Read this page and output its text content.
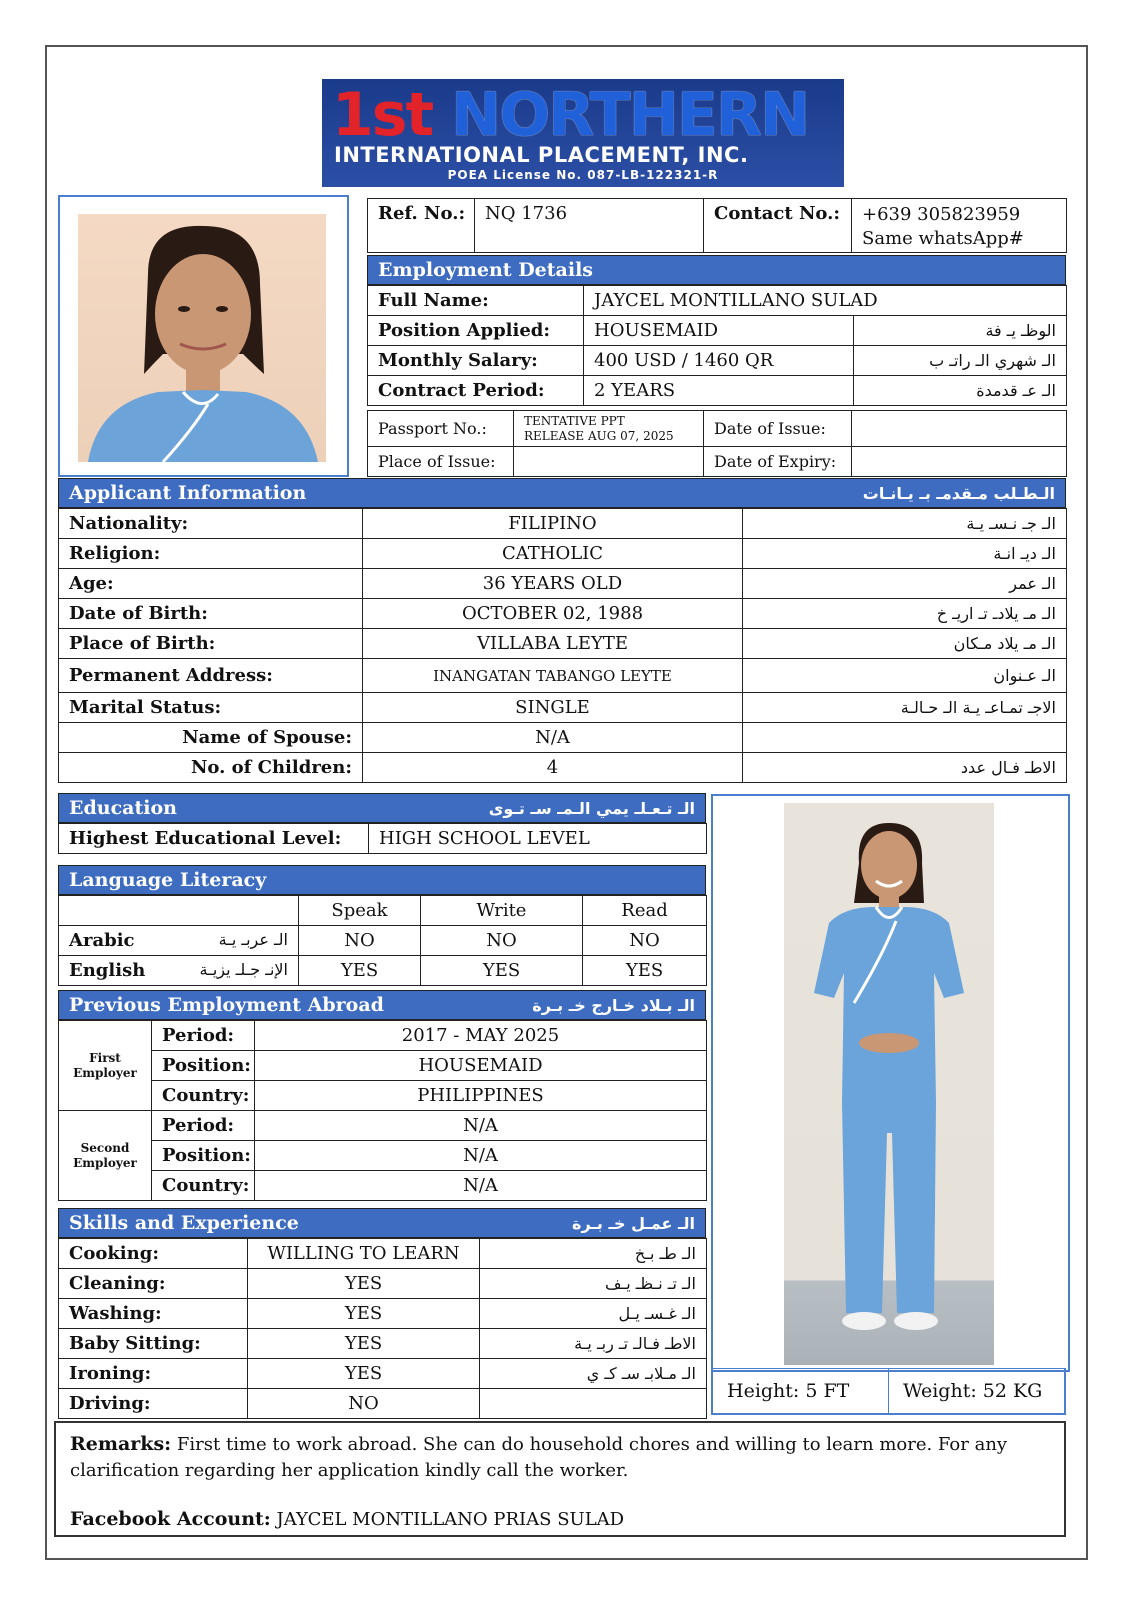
1st NORTHERN
INTERNATIONAL PLACEMENT, INC.
POEA License No. 087-LB-122321-R
Ref. No.:	NQ 1736	Contact No.:	+639 305823959
Same whatsApp#
Employment Details
Full Name:	JAYCEL MONTILLANO SULAD	
Position Applied:	HOUSEMAID	الوظـ يـ فة
Monthly Salary:	400 USD / 1460 QR	الـ شهري الـ راتـ ب
Contract Period:	2 YEARS	الـ عـ قدمدة
Passport No.:	TENTATIVE PPT
RELEASE AUG 07, 2025	Date of Issue:	
Place of Issue:		Date of Expiry:	
Applicant Information	الـطـلب مـقدمـ بـ يـانـات
Nationality:	FILIPINO	الـ جـ نـسـ يـة
Religion:	CATHOLIC	الـ ديـ انـة
Age:	36 YEARS OLD	الـ عمر
Date of Birth:	OCTOBER 02, 1988	الـ مـ يلادـ تـ اريـ خ
Place of Birth:	VILLABA LEYTE	الـ مـ يلاد مـكان
Permanent Address:	INANGATAN TABANGO LEYTE	الـ عـنوان
Marital Status:	SINGLE	الاجـ تمـاعـ يـة الـ حـالـة
Name of Spouse:	N/A	
No. of Children:	4	الاطـ فـال عدد
Education	الـ تـعـلـ يمي الـمـ سـ تـوى
Highest Educational Level:	HIGH SCHOOL LEVEL
Language Literacy
	Speak	Write	Read
Arabic الـ عربـ يـة	NO	NO	NO
English الإنـ جـلـ يزيـة	YES	YES	YES
Previous Employment Abroad	الـ بـلاد خـارج خـ بـرة
First
Employer	Period:	2017 - MAY 2025
	Position:	HOUSEMAID
	Country:	PHILIPPINES

Second
Employer	Period:	N/A
	Position:	N/A
	Country:	N/A
Skills and Experience	الـ عمـل خـ بـرة
Cooking:	WILLING TO LEARN	الـ طـ بـخ
Cleaning:	YES	الـ تـ نـظـ يـف
Washing:	YES	الـ غـسـ يـل
Baby Sitting:	YES	الاطـ فـالـ تـ ربـ يـة
Ironing:	YES	الـ مـلابـ سـ كـ ي
Driving:	NO	
Height: 5 FT	Weight: 52 KG
Remarks: First time to work abroad. She can do household chores and willing to learn more. For any clarification regarding her application kindly call the worker.
Facebook Account: JAYCEL MONTILLANO PRIAS SULAD
